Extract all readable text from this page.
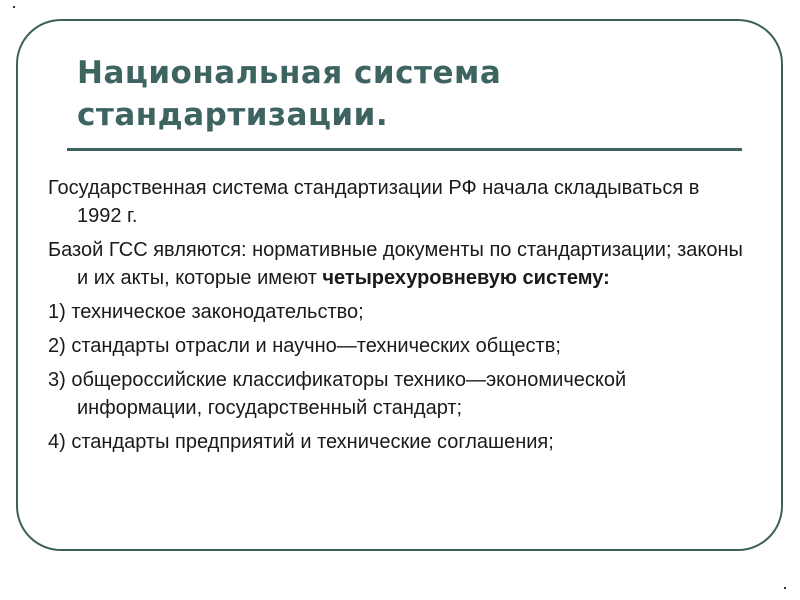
Национальная система стандартизации.

Государственная система стандартизации РФ начала складываться в 1992 г.

Базой ГСС являются: нормативные документы по стандартизации; законы и их акты, которые имеют четырехуровневую систему:

1) техническое законодательство;

2) стандарты отрасли и научно—технических обществ;

3) общероссийские классификаторы технико—экономической информации, государственный стандарт;

4) стандарты предприятий и технические соглашения;
